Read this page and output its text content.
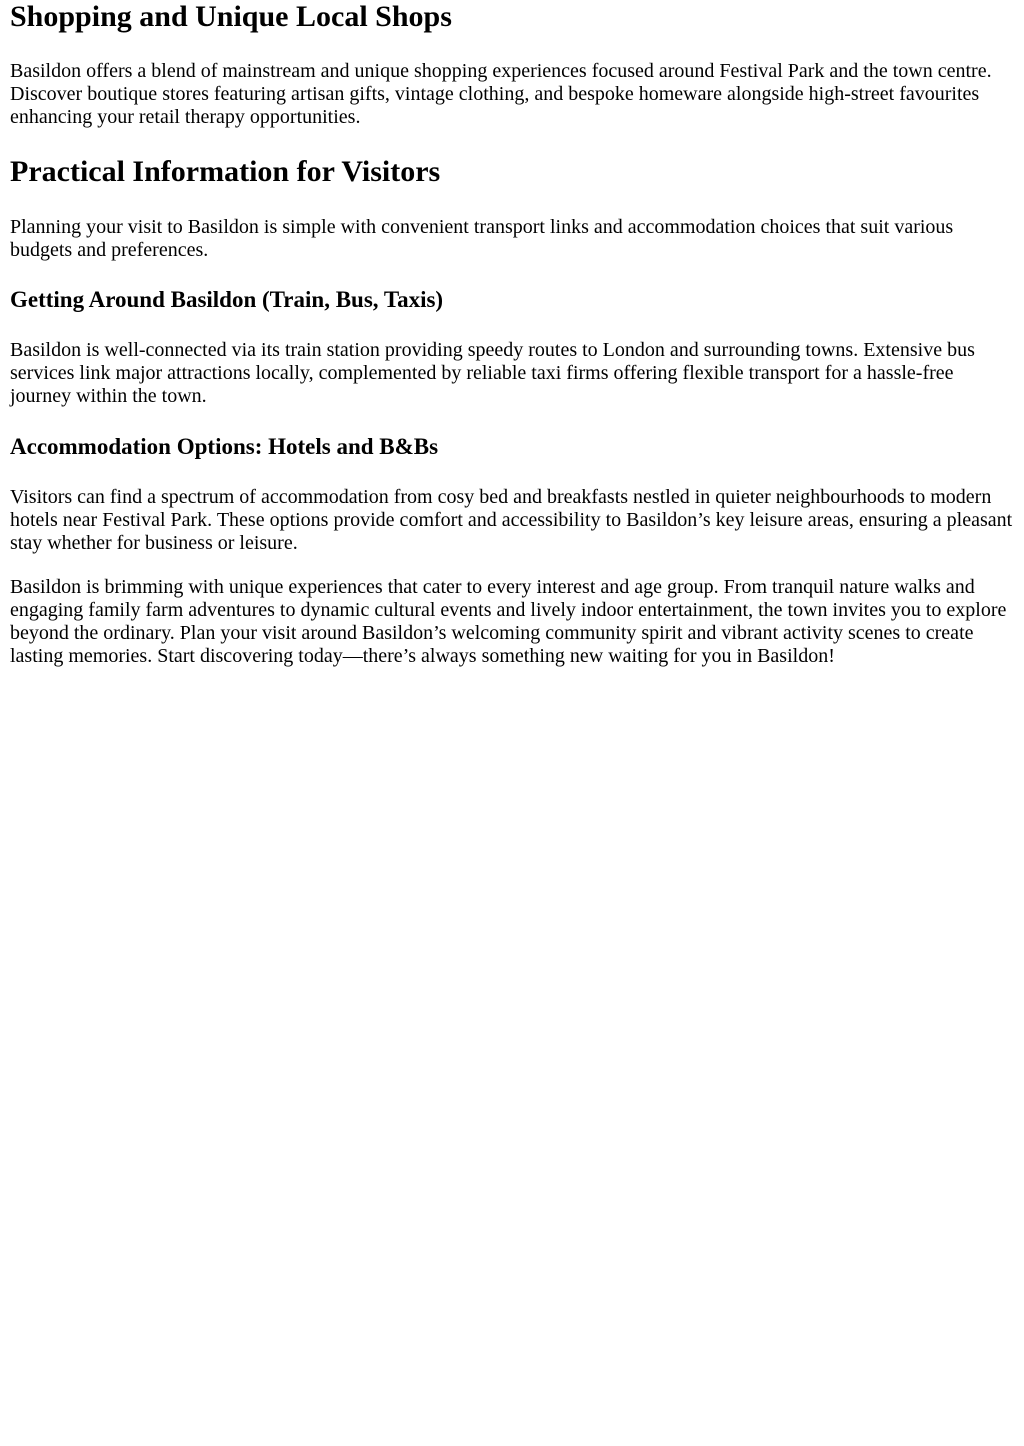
Shopping and Unique Local Shops

Basildon offers a blend of mainstream and unique shopping experiences focused around Festival Park and the town centre. Discover boutique stores featuring artisan gifts, vintage clothing, and bespoke homeware alongside high-street favourites enhancing your retail therapy opportunities.

Practical Information for Visitors

Planning your visit to Basildon is simple with convenient transport links and accommodation choices that suit various budgets and preferences.

Getting Around Basildon (Train, Bus, Taxis)

Basildon is well-connected via its train station providing speedy routes to London and surrounding towns. Extensive bus services link major attractions locally, complemented by reliable taxi firms offering flexible transport for a hassle-free journey within the town.

Accommodation Options: Hotels and B&Bs

Visitors can find a spectrum of accommodation from cosy bed and breakfasts nestled in quieter neighbourhoods to modern hotels near Festival Park. These options provide comfort and accessibility to Basildon’s key leisure areas, ensuring a pleasant stay whether for business or leisure.

Basildon is brimming with unique experiences that cater to every interest and age group. From tranquil nature walks and engaging family farm adventures to dynamic cultural events and lively indoor entertainment, the town invites you to explore beyond the ordinary. Plan your visit around Basildon’s welcoming community spirit and vibrant activity scenes to create lasting memories. Start discovering today—there’s always something new waiting for you in Basildon!
